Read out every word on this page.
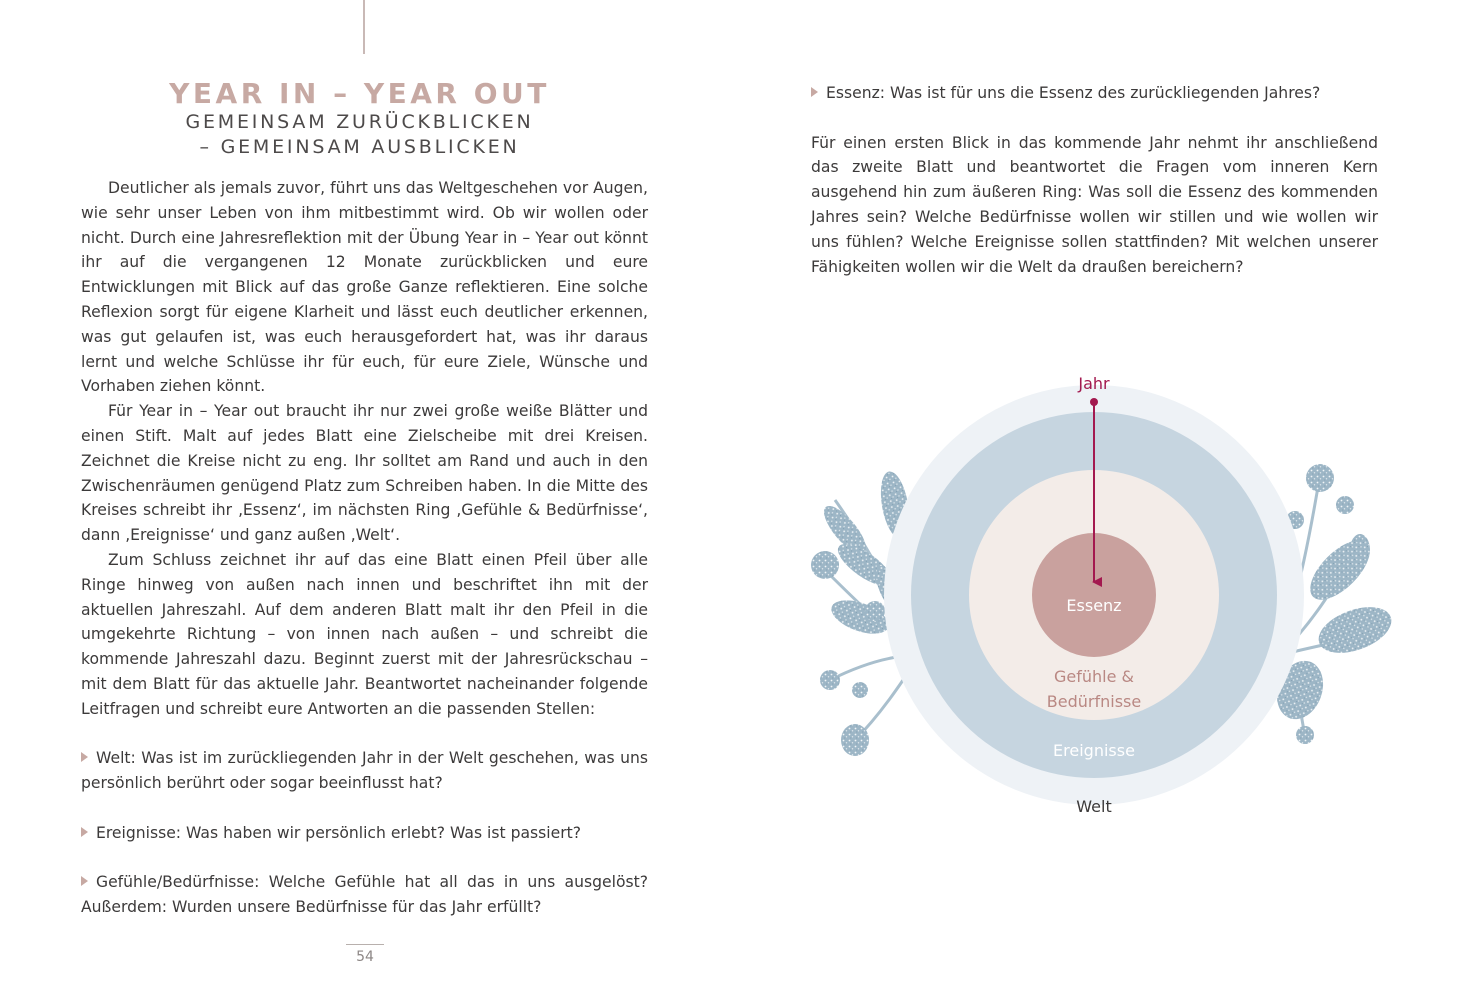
YEAR IN – YEAR OUT
GEMEINSAM ZURÜCKBLICKEN
– GEMEINSAM AUSBLICKEN

Deutlicher als jemals zuvor, führt uns das Weltgeschehen vor Augen, wie sehr unser Leben von ihm mitbestimmt wird. Ob wir wollen oder nicht. Durch eine Jahresreflektion mit der Übung Year in – Year out könnt ihr auf die vergangenen 12 Monate zurückblicken und eure Entwicklungen mit Blick auf das große Ganze reflektieren. Eine solche Reflexion sorgt für eigene Klarheit und lässt euch deutlicher erkennen, was gut gelaufen ist, was euch herausgefordert hat, was ihr daraus lernt und welche Schlüsse ihr für euch, für eure Ziele, Wünsche und Vorhaben ziehen könnt.

Für Year in – Year out braucht ihr nur zwei große weiße Blätter und einen Stift. Malt auf jedes Blatt eine Zielscheibe mit drei Kreisen. Zeichnet die Kreise nicht zu eng. Ihr solltet am Rand und auch in den Zwischenräumen genügend Platz zum Schreiben haben. In die Mitte des Kreises schreibt ihr ‚Essenz‘, im nächsten Ring ‚Gefühle & Bedürfnisse‘, dann ‚Ereignisse‘ und ganz außen ‚Welt‘.

Zum Schluss zeichnet ihr auf das eine Blatt einen Pfeil über alle Ringe hinweg von außen nach innen und beschriftet ihn mit der aktuellen Jahreszahl. Auf dem anderen Blatt malt ihr den Pfeil in die umgekehrte Richtung – von innen nach außen – und schreibt die kommende Jahreszahl dazu. Beginnt zuerst mit der Jahresrückschau – mit dem Blatt für das aktuelle Jahr. Beantwortet nacheinander folgende Leitfragen und schreibt eure Antworten an die passenden Stellen:

Welt: Was ist im zurückliegenden Jahr in der Welt geschehen, was uns persönlich berührt oder sogar beeinflusst hat?

Ereignisse: Was haben wir persönlich erlebt? Was ist passiert?

Gefühle/Bedürfnisse: Welche Gefühle hat all das in uns ausgelöst? Außerdem: Wurden unsere Bedürfnisse für das Jahr erfüllt?

54

Essenz: Was ist für uns die Essenz des zurückliegenden Jahres?

Für einen ersten Blick in das kommende Jahr nehmt ihr anschließend das zweite Blatt und beantwortet die Fragen vom inneren Kern ausgehend hin zum äußeren Ring: Was soll die Essenz des kommenden Jahres sein? Welche Bedürfnisse wollen wir stillen und wie wollen wir uns fühlen? Welche Ereignisse sollen stattfinden? Mit welchen unserer Fähigkeiten wollen wir die Welt da draußen bereichern?

Jahr
Essenz
Gefühle &
Bedürfnisse
Ereignisse
Welt
